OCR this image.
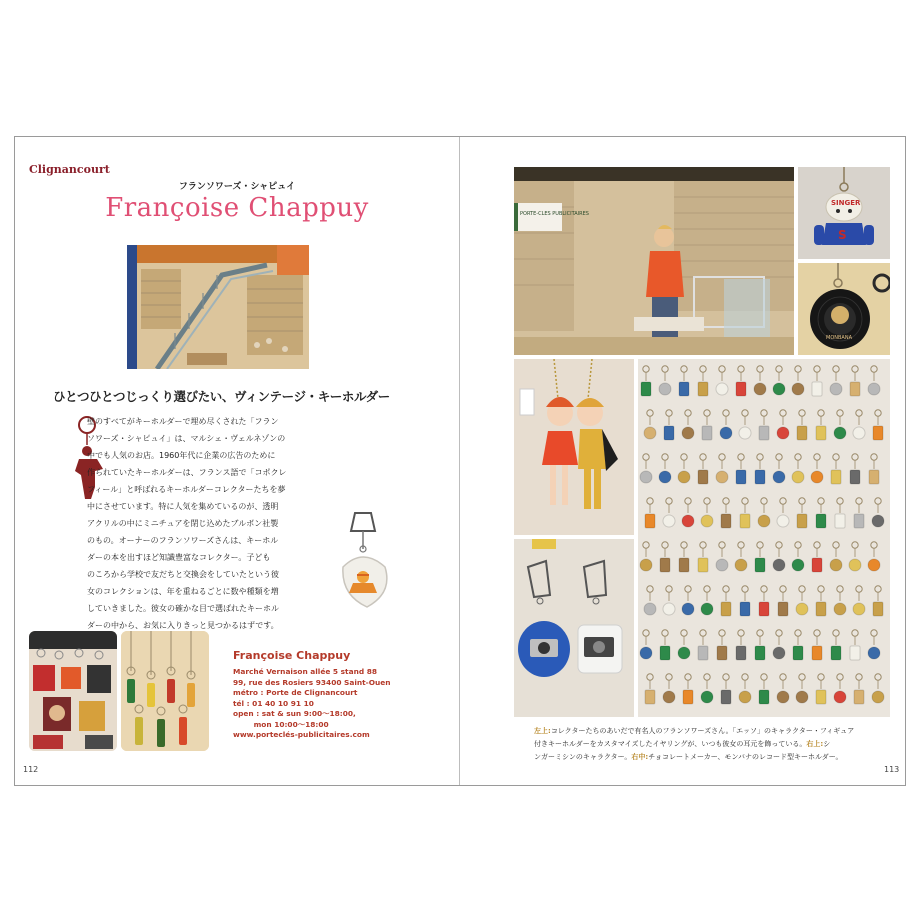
Clignancourt
フランソワーズ・シャピュイ
Françoise Chappuy
ひとつひとつじっくり選びたい、ヴィンテージ・キーホルダー
壁のすべてがキーホルダーで埋め尽くされた「フラン
ソワーズ・シャピュイ」は、マルシェ・ヴェルネゾンの
中でも人気のお店。1960年代に企業の広告のために
作られていたキーホルダーは、フランス語で「コポクレ
フィール」と呼ばれるキーホルダーコレクターたちを夢
中にさせています。特に人気を集めているのが、透明
アクリルの中にミニチュアを閉じ込めたブルボン社製
のもの。オーナーのフランソワーズさんは、キーホル
ダーの本を出すほど知識豊富なコレクター。子ども
のころから学校で友だちと交換会をしていたという彼
女のコレクションは、年を重ねるごとに数や種類を増
していきました。彼女の確かな目で選ばれたキーホル
ダーの中から、お気に入りきっと見つかるはずです。
Françoise Chappuy
Marché Vernaison allée 5 stand 88
99, rue des Rosiers 93400 Saint-Ouen
métro : Porte de Clignancourt
tél : 01 40 10 91 10
open : sat & sun 9:00～18:00,
mon 10:00～18:00
www.porteclés-publicitaires.com
112
PORTE-CLES PUBLICITAIRES
SINGER
S
MONBANA
左上:コレクターたちのあいだで有名人のフランソワーズさん。「エッソ」のキャラクター・フィギュア
付きキーホルダーをカスタマイズしたイヤリングが、いつも彼女の耳元を飾っている。右上:シ
ンガーミシンのキャラクター。右中:チョコレートメーカー、モンバナのレコード型キーホルダー。
113
